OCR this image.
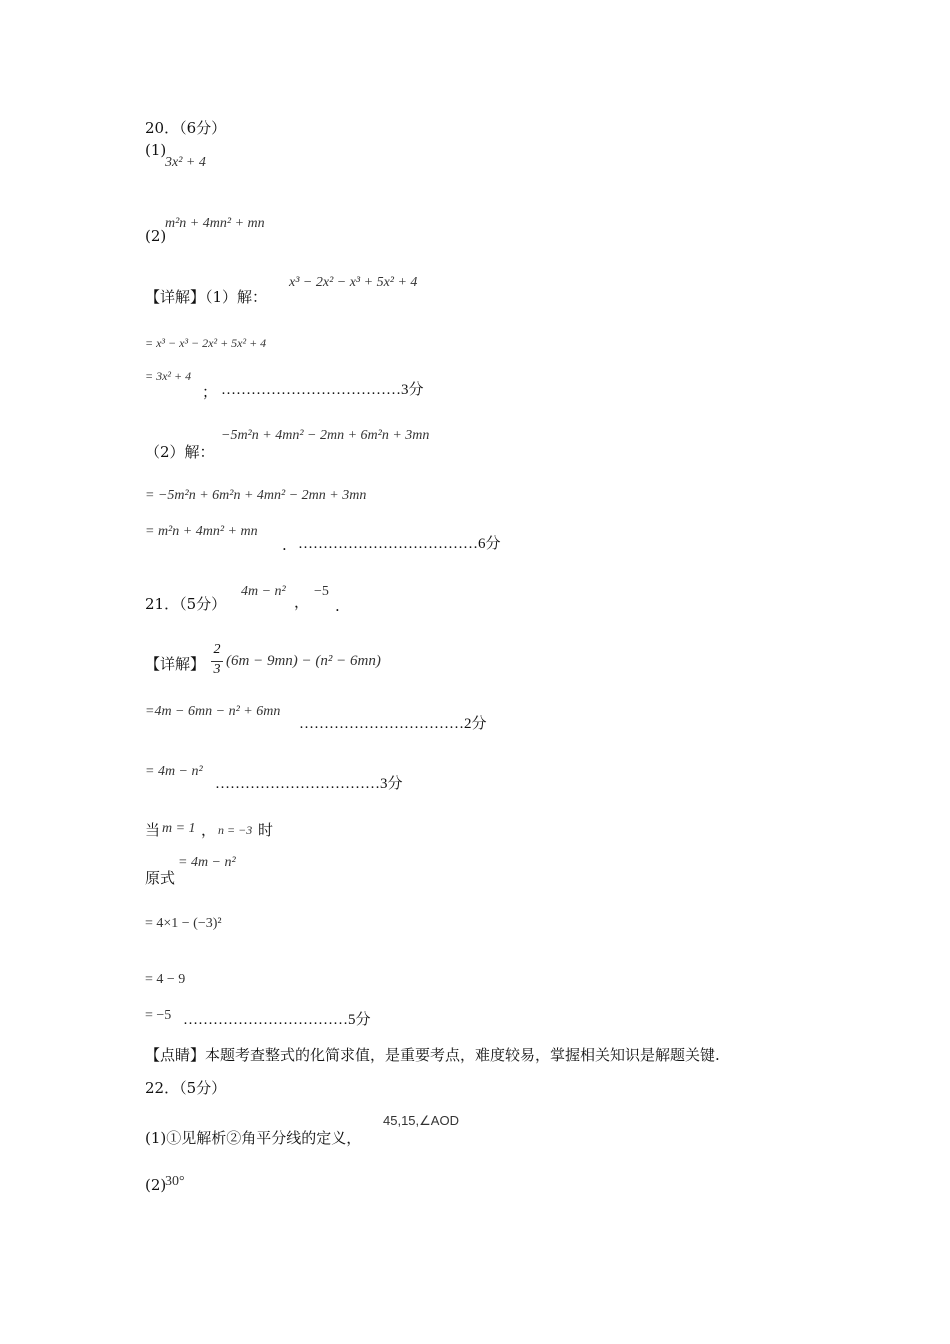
20．（6分）
(1)
3x² + 4
(2)
m²n + 4mn² + mn
【详解】（1）解：
x³ − 2x² − x³ + 5x² + 4
= x³ − x³ − 2x² + 5x² + 4
= 3x² + 4
； ………………………………3分
（2）解：
−5m²n + 4mn² − 2mn + 6m²n + 3mn
= −5m²n + 6m²n + 4mn² − 2mn + 3mn
= m²n + 4mn² + mn
. ………………………………6分
21．（5分）
4m − n²
，
−5
.
【详解】
2
3
(6m − 9mn) − (n² − 6mn)
=4m − 6mn − n² + 6mn
……………………………2分
= 4m − n²
……………………………3分
当 m = 1 ， n = −3 时
原式
= 4m − n²
= 4×1 − (−3)²
= 4 − 9
= −5 ……………………………5分
【点睛】本题考查整式的化简求值，是重要考点，难度较易，掌握相关知识是解题关键.
22．（5分）
(1)①见解析②角平分线的定义，
45,15,∠AOD
(2)
30°
